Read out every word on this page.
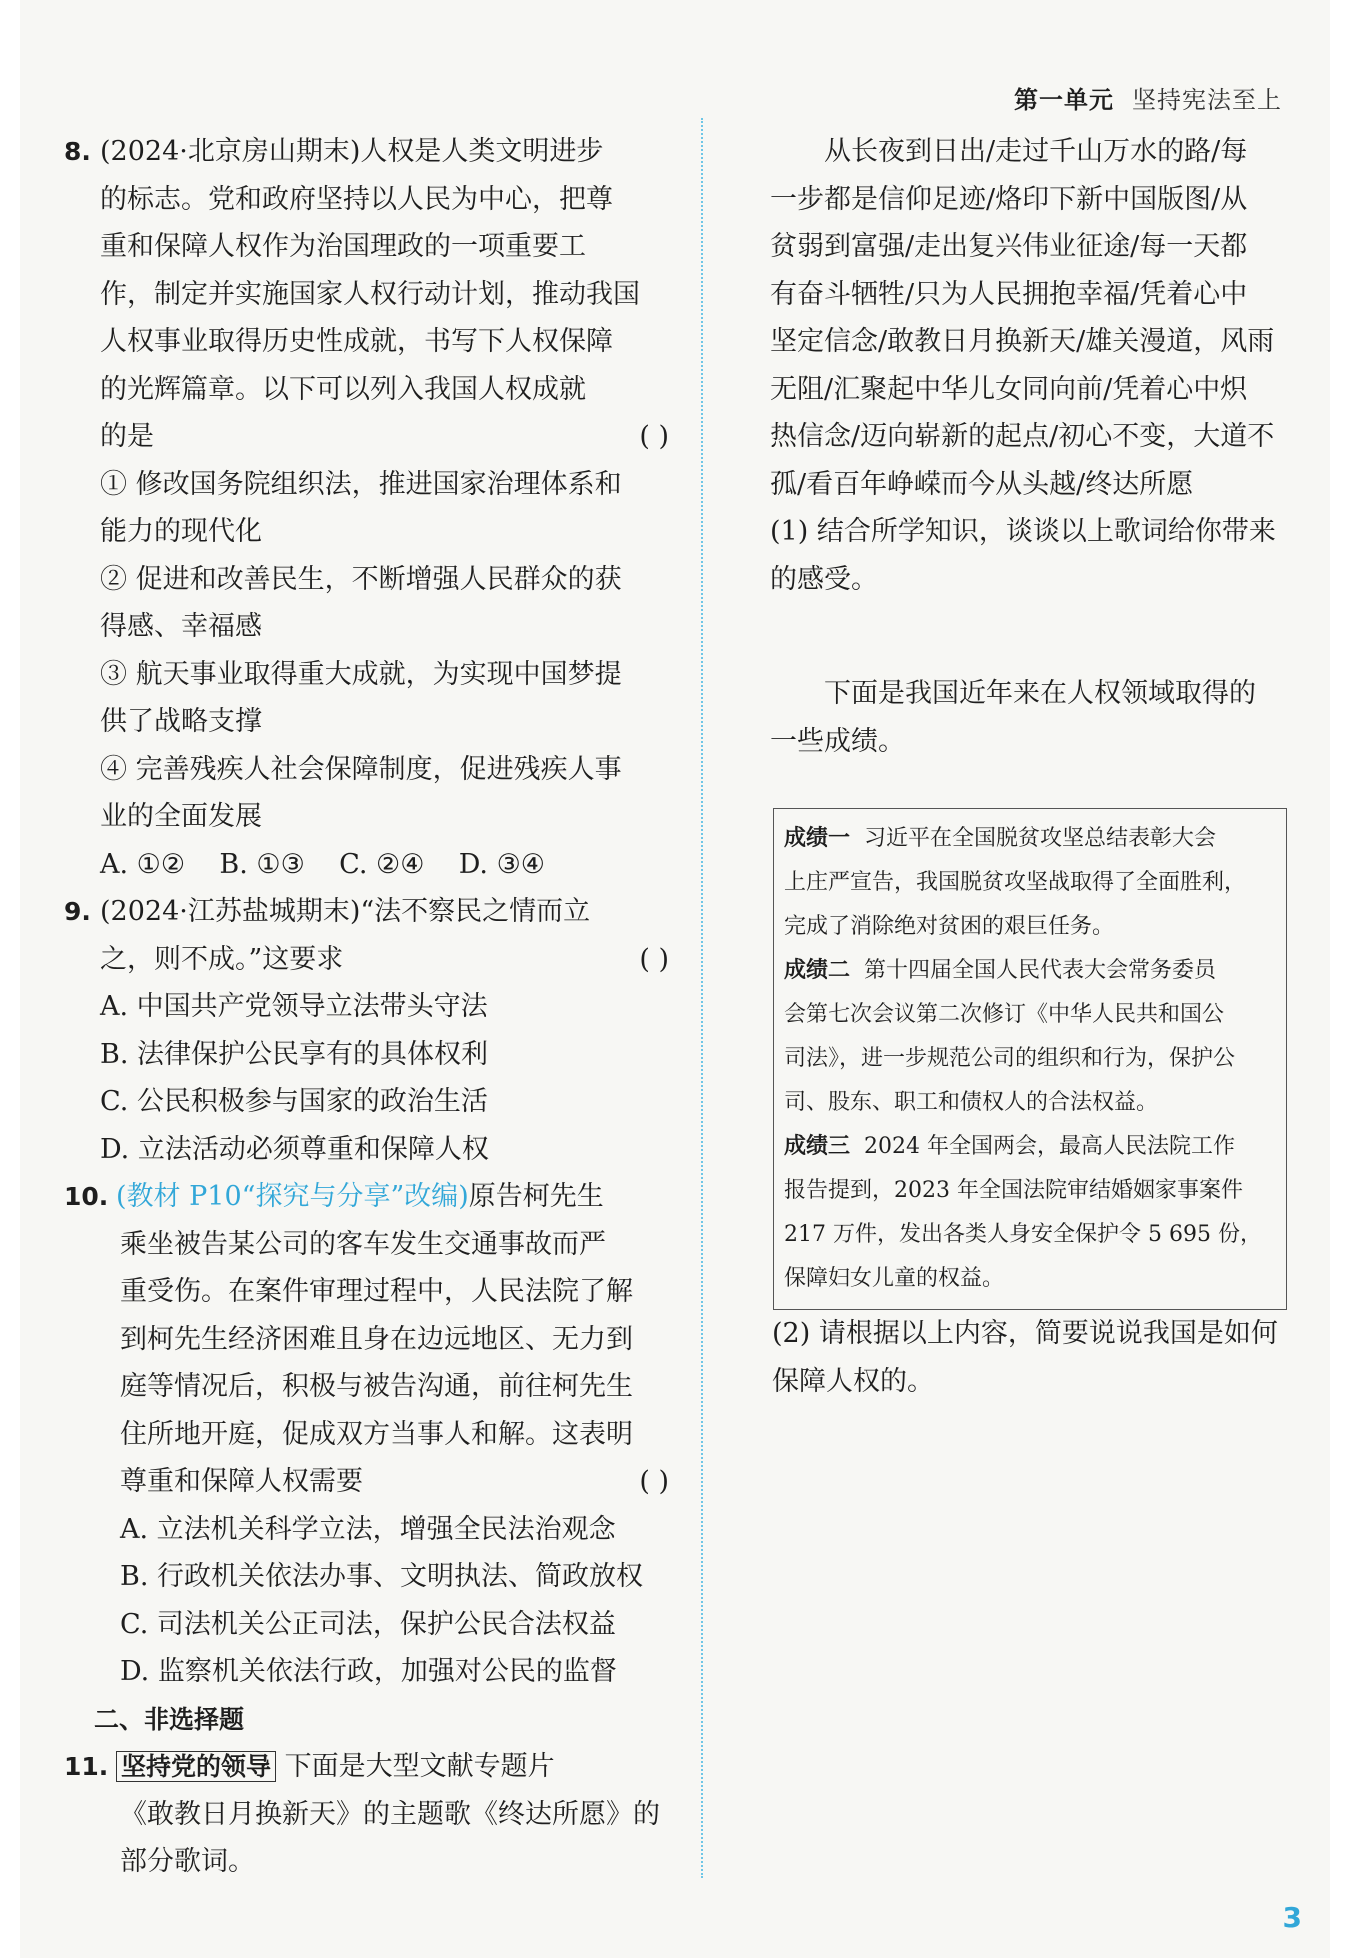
第一单元 坚持宪法至上
8. (2024·北京房山期末)人权是人类文明进步
的标志。党和政府坚持以人民为中心，把尊
重和保障人权作为治国理政的一项重要工
作，制定并实施国家人权行动计划，推动我国
人权事业取得历史性成就，书写下人权保障
的光辉篇章。以下可以列入我国人权成就
的是	( )
① 修改国务院组织法，推进国家治理体系和
能力的现代化
② 促进和改善民生，不断增强人民群众的获
得感、幸福感
③ 航天事业取得重大成就，为实现中国梦提
供了战略支撑
④ 完善残疾人社会保障制度，促进残疾人事
业的全面发展
A. ①②    B. ①③    C. ②④    D. ③④
9. (2024·江苏盐城期末)“法不察民之情而立
之，则不成。”这要求	( )
A. 中国共产党领导立法带头守法
B. 法律保护公民享有的具体权利
C. 公民积极参与国家的政治生活
D. 立法活动必须尊重和保障人权
10. (教材 P10“探究与分享”改编)原告柯先生
乘坐被告某公司的客车发生交通事故而严
重受伤。在案件审理过程中，人民法院了解
到柯先生经济困难且身在边远地区、无力到
庭等情况后，积极与被告沟通，前往柯先生
住所地开庭，促成双方当事人和解。这表明
尊重和保障人权需要	( )
A. 立法机关科学立法，增强全民法治观念
B. 行政机关依法办事、文明执法、简政放权
C. 司法机关公正司法，保护公民合法权益
D. 监察机关依法行政，加强对公民的监督
二、非选择题
11. 坚持党的领导 下面是大型文献专题片
《敢教日月换新天》的主题歌《终达所愿》的
部分歌词。
从长夜到日出/走过千山万水的路/每
一步都是信仰足迹/烙印下新中国版图/从
贫弱到富强/走出复兴伟业征途/每一天都
有奋斗牺牲/只为人民拥抱幸福/凭着心中
坚定信念/敢教日月换新天/雄关漫道，风雨
无阻/汇聚起中华儿女同向前/凭着心中炽
热信念/迈向崭新的起点/初心不变，大道不
孤/看百年峥嵘而今从头越/终达所愿
(1) 结合所学知识，谈谈以上歌词给你带来
的感受。
下面是我国近年来在人权领域取得的
一些成绩。
成绩一 习近平在全国脱贫攻坚总结表彰大会
上庄严宣告，我国脱贫攻坚战取得了全面胜利，
完成了消除绝对贫困的艰巨任务。
成绩二 第十四届全国人民代表大会常务委员
会第七次会议第二次修订《中华人民共和国公
司法》，进一步规范公司的组织和行为，保护公
司、股东、职工和债权人的合法权益。
成绩三 2024 年全国两会，最高人民法院工作
报告提到，2023 年全国法院审结婚姻家事案件
217 万件，发出各类人身安全保护令 5 695 份，
保障妇女儿童的权益。
(2) 请根据以上内容，简要说说我国是如何
保障人权的。
3
